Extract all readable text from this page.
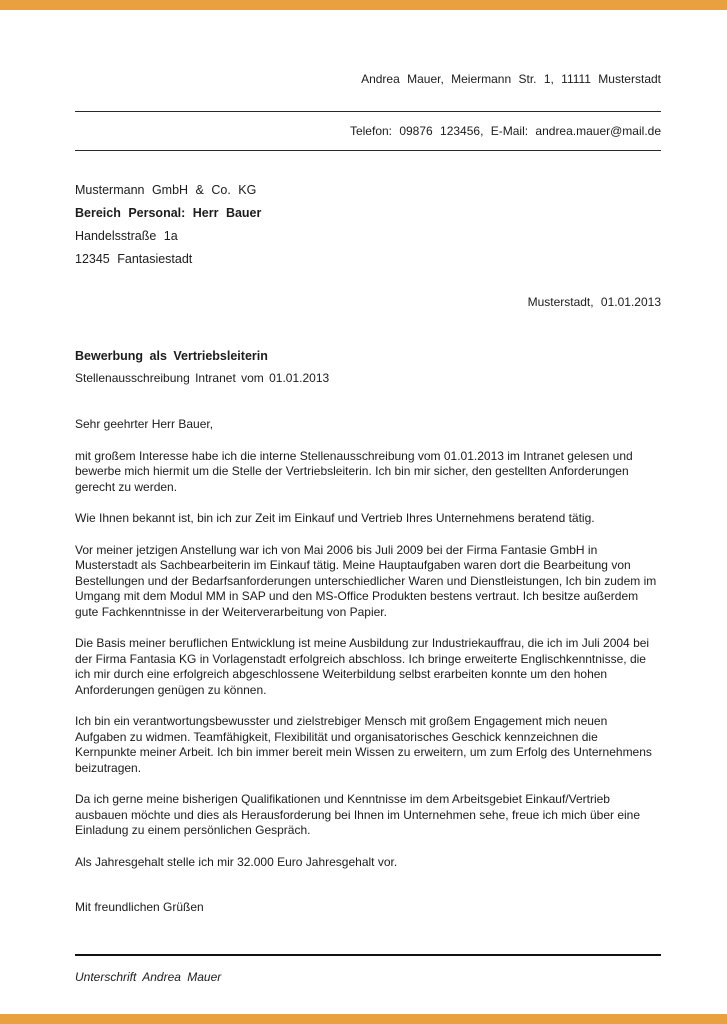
Andrea Mauer, Meiermann Str. 1, 11111 Musterstadt
Telefon: 09876 123456, E-Mail: andrea.mauer@mail.de
Mustermann GmbH & Co. KG
Bereich Personal: Herr Bauer
Handelsstraße 1a
12345 Fantasiestadt
Musterstadt, 01.01.2013
Bewerbung als Vertriebsleiterin
Stellenausschreibung Intranet vom 01.01.2013
Sehr geehrter Herr Bauer,

mit großem Interesse habe ich die interne Stellenausschreibung vom 01.01.2013 im Intranet gelesen und bewerbe mich hiermit um die Stelle der Vertriebsleiterin. Ich bin mir sicher, den gestellten Anforderungen gerecht zu werden.

Wie Ihnen bekannt ist, bin ich zur Zeit im Einkauf und Vertrieb Ihres Unternehmens beratend tätig.

Vor meiner jetzigen Anstellung war ich von Mai 2006 bis Juli 2009 bei der Firma Fantasie GmbH in Musterstadt als Sachbearbeiterin im Einkauf tätig. Meine Hauptaufgaben waren dort die Bearbeitung von Bestellungen und der Bedarfsanforderungen unterschiedlicher Waren und Dienstleistungen, Ich bin zudem im Umgang mit dem Modul MM in SAP und den MS-Office Produkten bestens vertraut. Ich besitze außerdem gute Fachkenntnisse in der Weiterverarbeitung von Papier.

Die Basis meiner beruflichen Entwicklung ist meine Ausbildung zur Industriekauffrau, die ich im Juli 2004 bei der Firma Fantasia KG in Vorlagenstadt erfolgreich abschloss. Ich bringe erweiterte Englischkenntnisse, die ich mir durch eine erfolgreich abgeschlossene Weiterbildung selbst erarbeiten konnte um den hohen Anforderungen genügen zu können.

Ich bin ein verantwortungsbewusster und zielstrebiger Mensch mit großem Engagement mich neuen Aufgaben zu widmen. Teamfähigkeit, Flexibilität und organisatorisches Geschick kennzeichnen die Kernpunkte meiner Arbeit. Ich bin immer bereit mein Wissen zu erweitern, um zum Erfolg des Unternehmens beizutragen.

Da ich gerne meine bisherigen Qualifikationen und Kenntnisse im dem Arbeitsgebiet Einkauf/Vertrieb ausbauen möchte und dies als Herausforderung bei Ihnen im Unternehmen sehe, freue ich mich über eine Einladung zu einem persönlichen Gespräch.

Als Jahresgehalt stelle ich mir 32.000 Euro Jahresgehalt vor.

Mit freundlichen Grüßen
Unterschrift Andrea Mauer
